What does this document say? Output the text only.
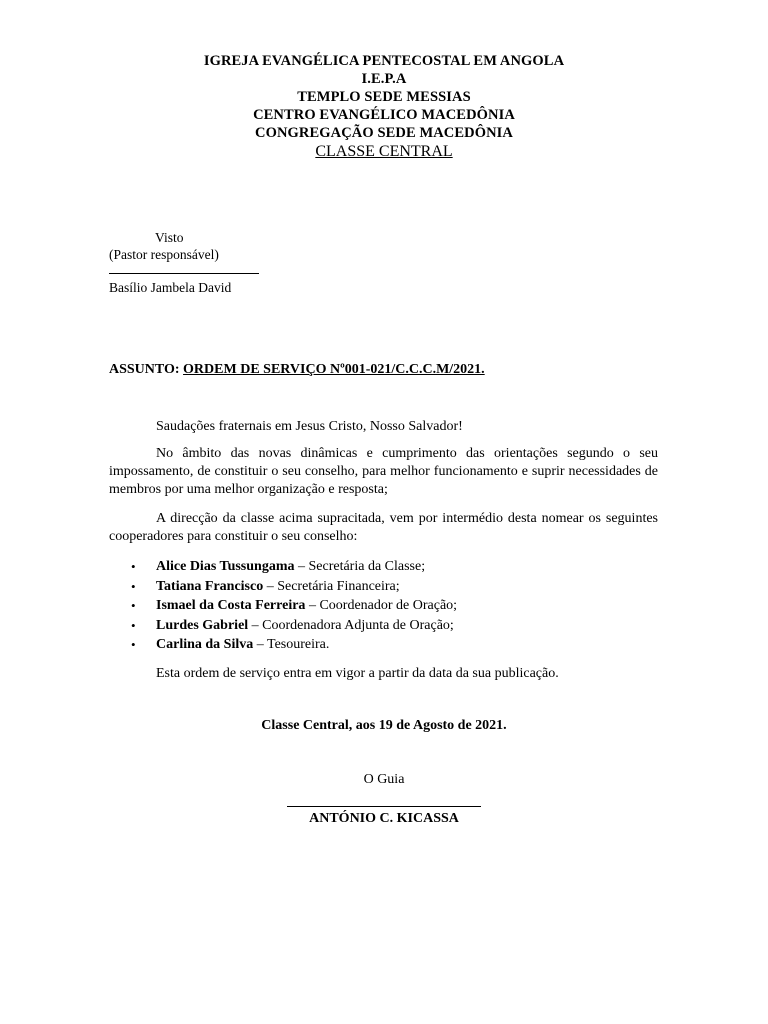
IGREJA EVANGÉLICA PENTECOSTAL EM ANGOLA
I.E.P.A
TEMPLO SEDE MESSIAS
CENTRO EVANGÉLICO MACEDÔNIA
CONGREGAÇÃO SEDE MACEDÔNIA
CLASSE CENTRAL
Visto
(Pastor responsável)
Basílio Jambela David
ASSUNTO: ORDEM DE SERVIÇO Nº001-021/C.C.C.M/2021.

Saudações fraternais em Jesus Cristo, Nosso Salvador!

No âmbito das novas dinâmicas e cumprimento das orientações segundo o seu impossamento, de constituir o seu conselho, para melhor funcionamento e suprir necessidades de membros por uma melhor organização e resposta;

A direcção da classe acima supracitada, vem por intermédio desta nomear os seguintes cooperadores para constituir o seu conselho:

• Alice Dias Tussungama – Secretária da Classe;
• Tatiana Francisco – Secretária Financeira;
• Ismael da Costa Ferreira – Coordenador de Oração;
• Lurdes Gabriel – Coordenadora Adjunta de Oração;
• Carlina da Silva – Tesoureira.

Esta ordem de serviço entra em vigor a partir da data da sua publicação.

Classe Central, aos 19 de Agosto de 2021.
O Guia
ANTÓNIO C. KICASSA
